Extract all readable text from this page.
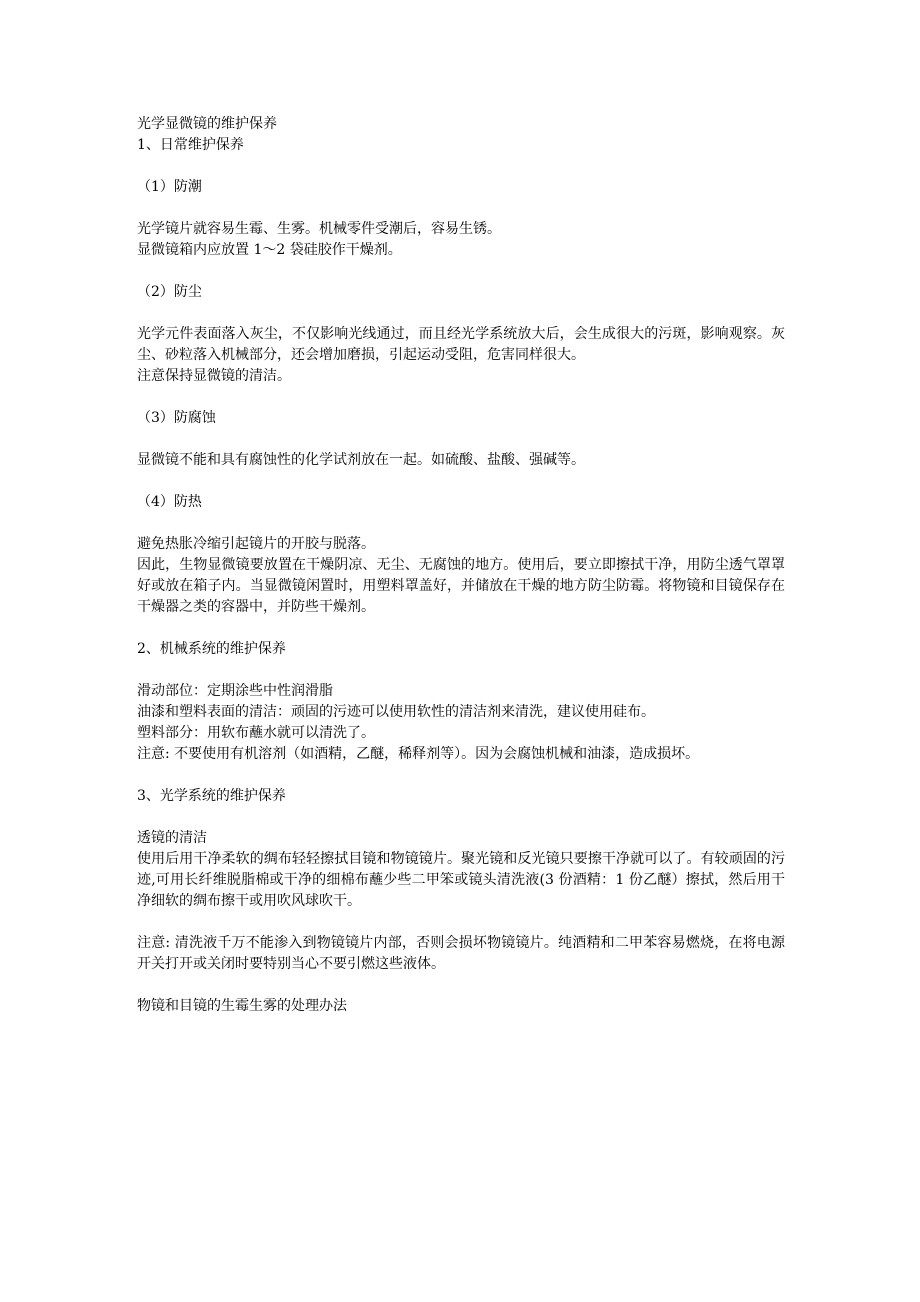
光学显微镜的维护保养
1、日常维护保养
（1）防潮
光学镜片就容易生霉、生雾。机械零件受潮后，容易生锈。
显微镜箱内应放置 1～2 袋硅胶作干燥剂。
（2）防尘
光学元件表面落入灰尘，不仅影响光线通过，而且经光学系统放大后，会生成很大的污斑，影响观察。灰尘、砂粒落入机械部分，还会增加磨损，引起运动受阻，危害同样很大。
注意保持显微镜的清洁。
（3）防腐蚀
显微镜不能和具有腐蚀性的化学试剂放在一起。如硫酸、盐酸、强碱等。
（4）防热
避免热胀冷缩引起镜片的开胶与脱落。
因此，生物显微镜要放置在干燥阴凉、无尘、无腐蚀的地方。使用后，要立即擦拭干净，用防尘透气罩罩好或放在箱子内。当显微镜闲置时，用塑料罩盖好，并储放在干燥的地方防尘防霉。将物镜和目镜保存在干燥器之类的容器中，并防些干燥剂。
2、机械系统的维护保养
滑动部位：定期涂些中性润滑脂
油漆和塑料表面的清洁：顽固的污迹可以使用软性的清洁剂来清洗，建议使用硅布。
塑料部分：用软布蘸水就可以清洗了。
注意: 不要使用有机溶剂（如酒精，乙醚，稀释剂等）。因为会腐蚀机械和油漆，造成损坏。
3、光学系统的维护保养
透镜的清洁
使用后用干净柔软的绸布轻轻擦拭目镜和物镜镜片。聚光镜和反光镜只要擦干净就可以了。有较顽固的污迹,可用长纤维脱脂棉或干净的细棉布蘸少些二甲笨或镜头清洗液(3 份酒精：1 份乙醚）擦拭，然后用干净细软的绸布擦干或用吹风球吹干。
注意: 清洗液千万不能渗入到物镜镜片内部，否则会损坏物镜镜片。纯酒精和二甲苯容易燃烧，在将电源开关打开或关闭时要特别当心不要引燃这些液体。
物镜和目镜的生霉生雾的处理办法
